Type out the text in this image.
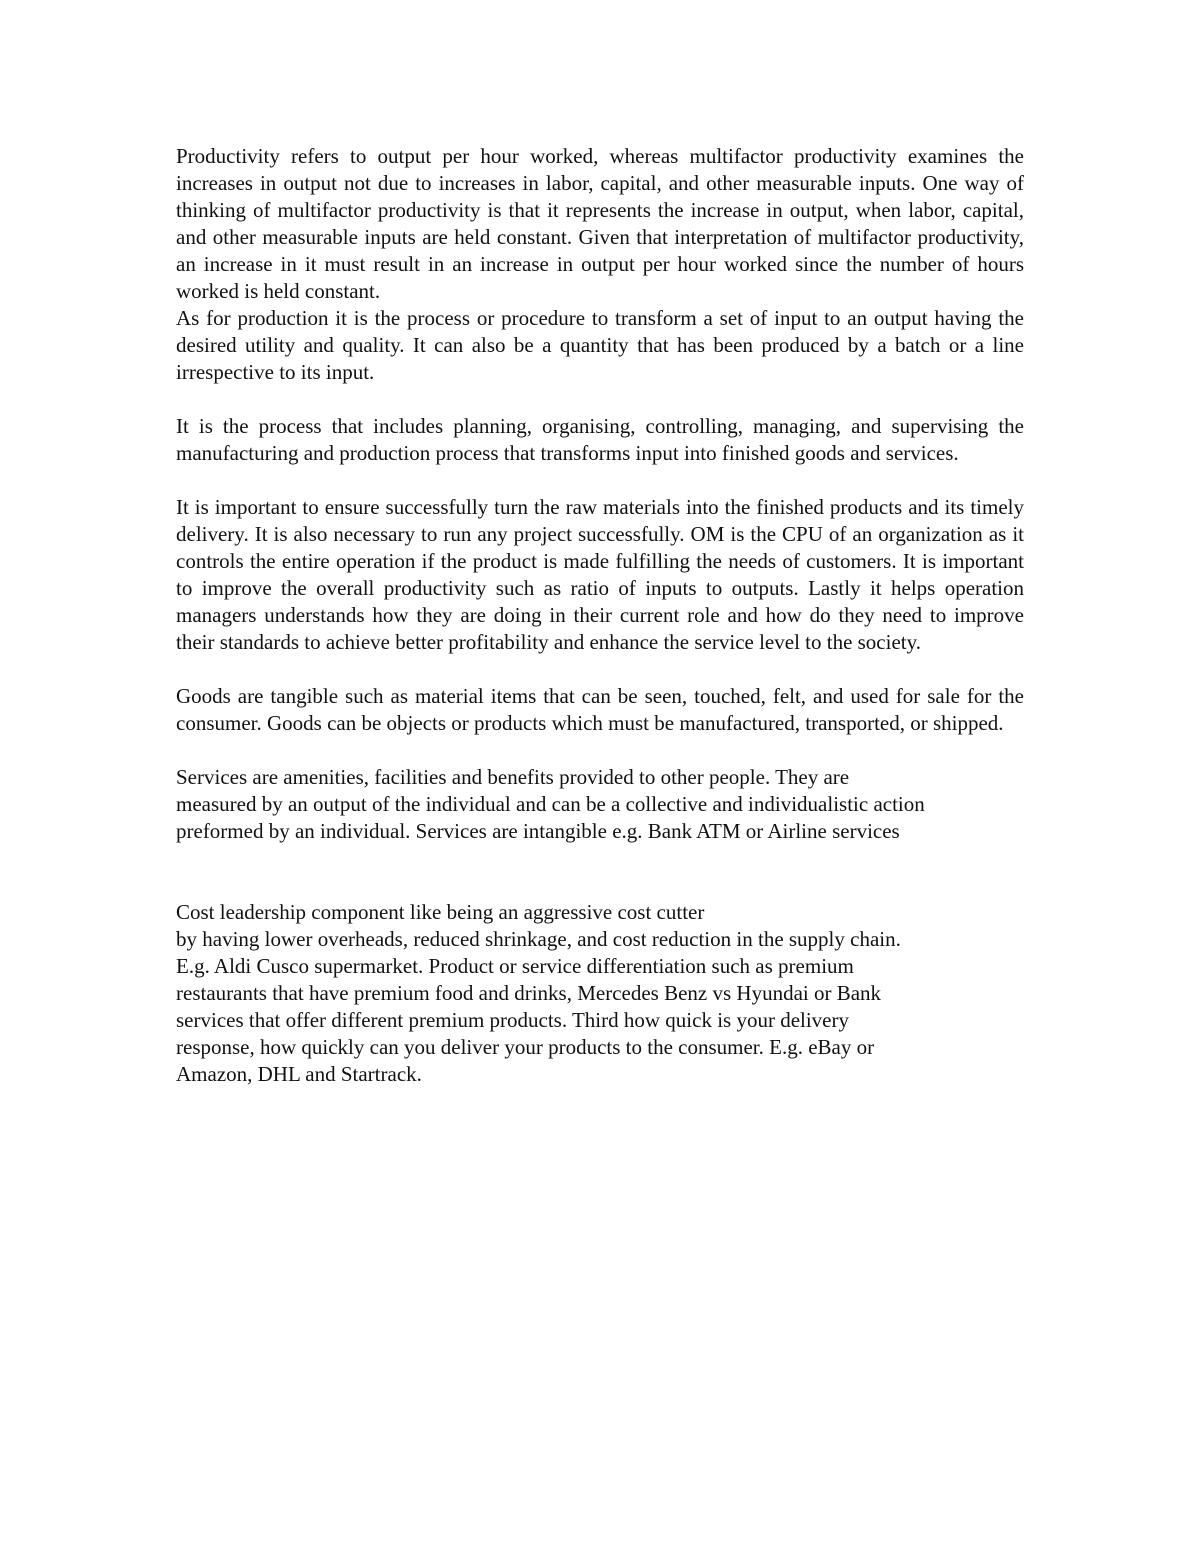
Productivity refers to output per hour worked, whereas multifactor productivity examines the increases in output not due to increases in labor, capital, and other measurable inputs. One way of thinking of multifactor productivity is that it represents the increase in output, when labor, capital, and other measurable inputs are held constant. Given that interpretation of multifactor productivity, an increase in it must result in an increase in output per hour worked since the number of hours worked is held constant.

As for production it is the process or procedure to transform a set of input to an output having the desired utility and quality. It can also be a quantity that has been produced by a batch or a line irrespective to its input.

It is the process that includes planning, organising, controlling, managing, and supervising the manufacturing and production process that transforms input into finished goods and services.

It is important to ensure successfully turn the raw materials into the finished products and its timely delivery. It is also necessary to run any project successfully. OM is the CPU of an organization as it controls the entire operation if the product is made fulfilling the needs of customers. It is important to improve the overall productivity such as ratio of inputs to outputs. Lastly it helps operation managers understands how they are doing in their current role and how do they need to improve their standards to achieve better profitability and enhance the service level to the society.

Goods are tangible such as material items that can be seen, touched, felt, and used for sale for the consumer. Goods can be objects or products which must be manufactured, transported, or shipped.

Services are amenities, facilities and benefits provided to other people. They are
measured by an output of the individual and can be a collective and individualistic action
preformed by an individual. Services are intangible e.g. Bank ATM or Airline services

Cost leadership component like being an aggressive cost cutter
by having lower overheads, reduced shrinkage, and cost reduction in the supply chain.
E.g. Aldi Cusco supermarket. Product or service differentiation such as premium
restaurants that have premium food and drinks, Mercedes Benz vs Hyundai or Bank
services that offer different premium products. Third how quick is your delivery
response, how quickly can you deliver your products to the consumer. E.g. eBay or
Amazon, DHL and Startrack.
